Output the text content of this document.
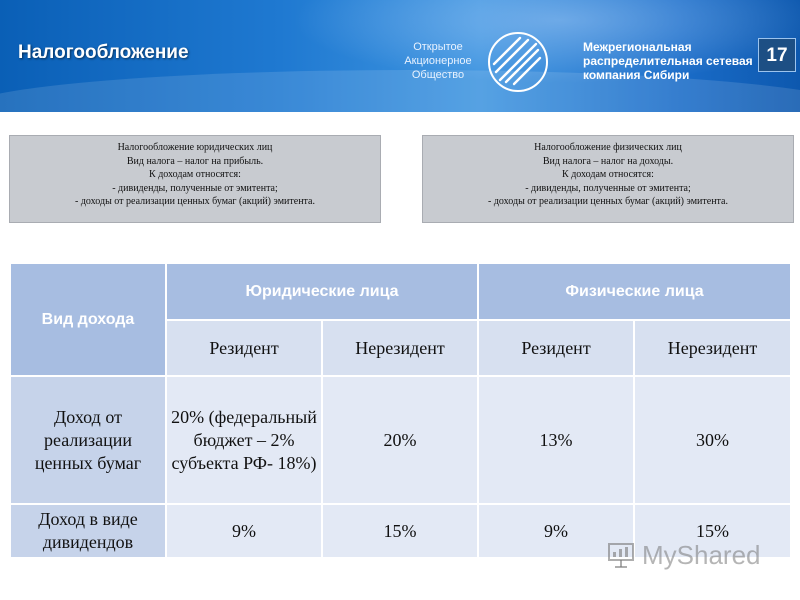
Налогообложение	Открытое
Акционерное
Общество
Межрегиональная
распределительная сетевая
компания Сибири
17
Налогообложение юридических лиц
Вид налога – налог на прибыль.
К доходам относятся:
- дивиденды, полученные от эмитента;
- доходы от реализации ценных бумаг (акций) эмитента.
Налогообложение физических лиц
Вид налога – налог на доходы.
К доходам относятся:
- дивиденды, полученные от эмитента;
- доходы от реализации ценных бумаг (акций) эмитента.
Вид дохода	Юридические лица		Физические лица	
	Резидент	Нерезидент	Резидент	Нерезидент
Доход от реализации ценных бумаг	20% (федеральный бюджет – 2% субъекта РФ- 18%)	20%	13%	30%
Доход в виде дивидендов	9%	15%	9%	15%
MyShared
